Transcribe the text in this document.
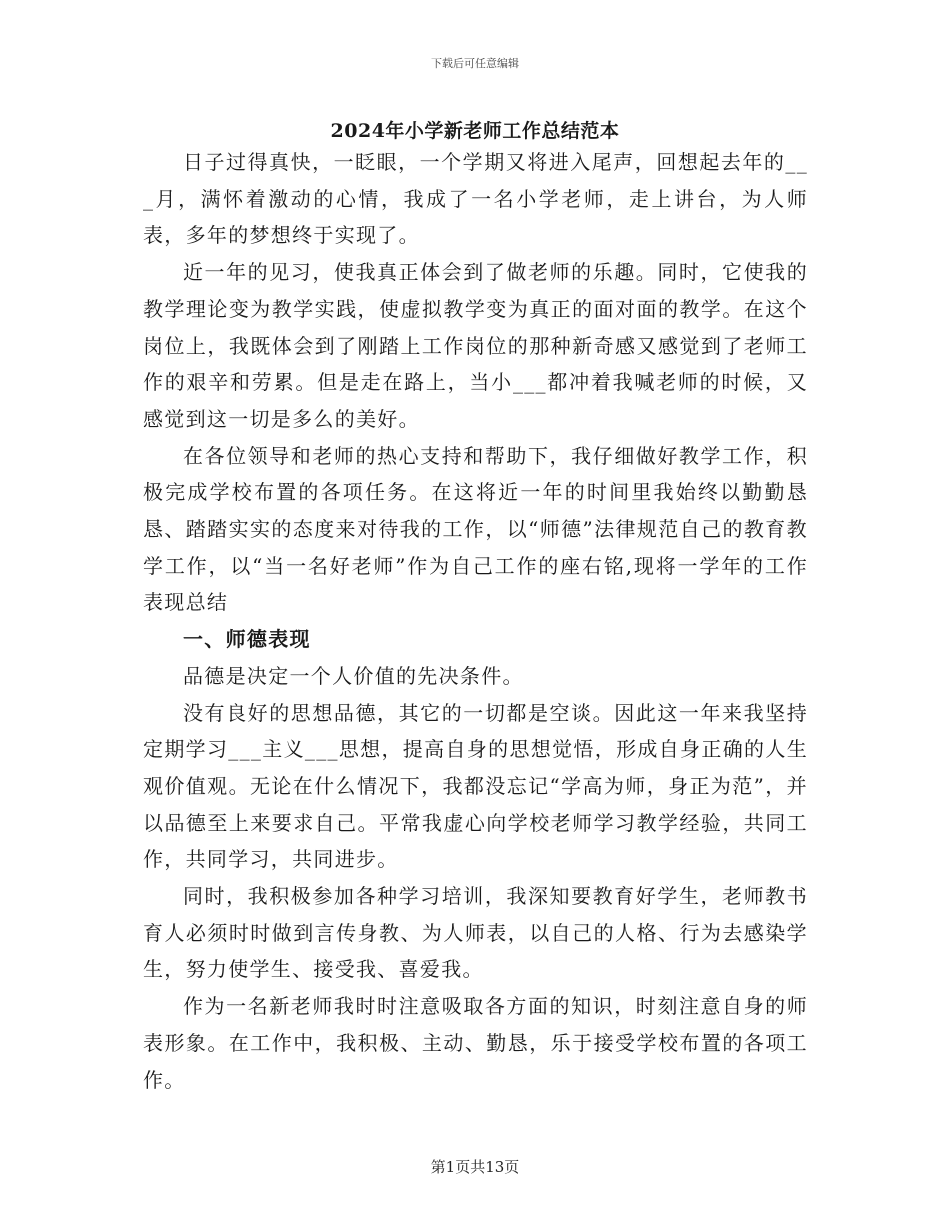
下载后可任意编辑
2024年小学新老师工作总结范本

日子过得真快，一眨眼，一个学期又将进入尾声，回想起去年的___月，满怀着激动的心情，我成了一名小学老师，走上讲台，为人师表，多年的梦想终于实现了。

近一年的见习，使我真正体会到了做老师的乐趣。同时，它使我的教学理论变为教学实践，使虚拟教学变为真正的面对面的教学。在这个岗位上，我既体会到了刚踏上工作岗位的那种新奇感又感觉到了老师工作的艰辛和劳累。但是走在路上，当小___都冲着我喊老师的时候，又感觉到这一切是多么的美好。

在各位领导和老师的热心支持和帮助下，我仔细做好教学工作，积极完成学校布置的各项任务。在这将近一年的时间里我始终以勤勤恳恳、踏踏实实的态度来对待我的工作，以“师德”法律规范自己的教育教学工作，以“当一名好老师”作为自己工作的座右铭,现将一学年的工作表现总结

一、师德表现

品德是决定一个人价值的先决条件。

没有良好的思想品德，其它的一切都是空谈。因此这一年来我坚持定期学习___主义___思想，提高自身的思想觉悟，形成自身正确的人生观价值观。无论在什么情况下，我都没忘记“学高为师，身正为范”，并以品德至上来要求自己。平常我虚心向学校老师学习教学经验，共同工作，共同学习，共同进步。

同时，我积极参加各种学习培训，我深知要教育好学生，老师教书育人必须时时做到言传身教、为人师表，以自己的人格、行为去感染学生，努力使学生、接受我、喜爱我。

作为一名新老师我时时注意吸取各方面的知识，时刻注意自身的师表形象。在工作中，我积极、主动、勤恳，乐于接受学校布置的各项工作。

第1页共13页
